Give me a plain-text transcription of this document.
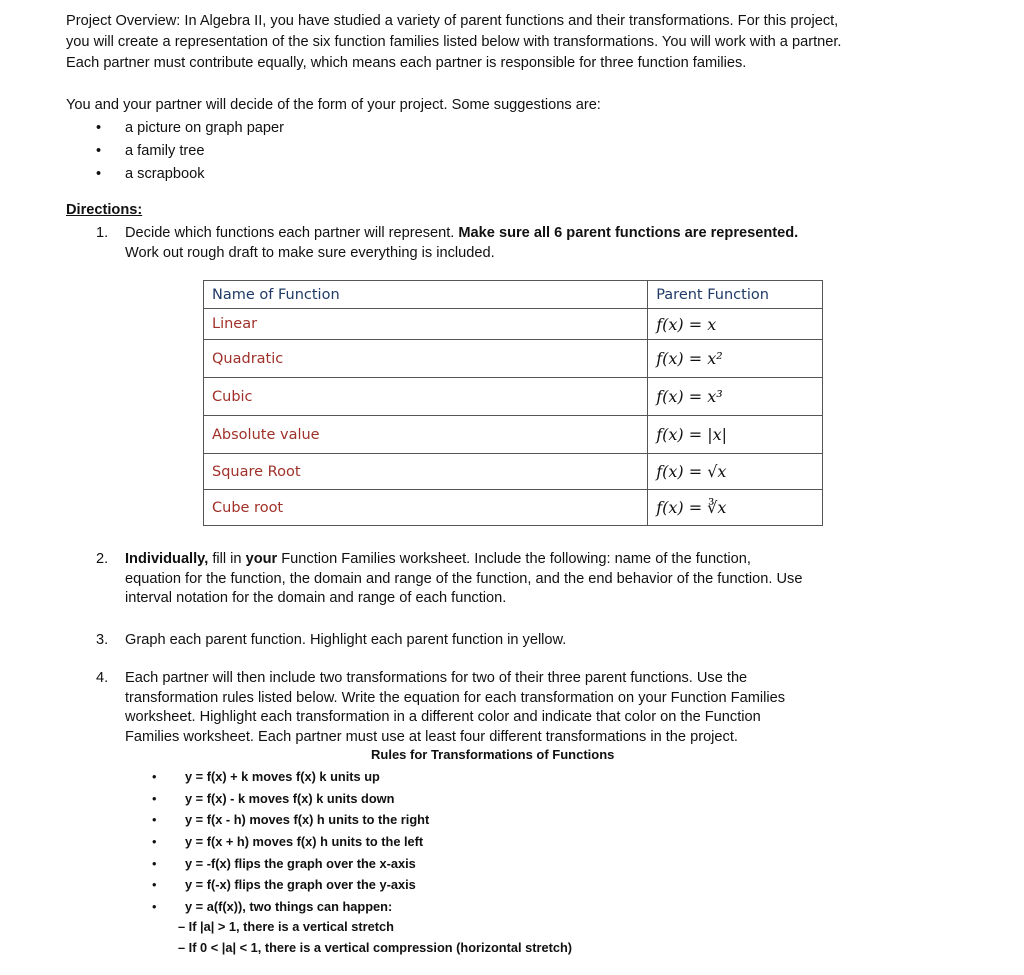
Project Overview: In Algebra II, you have studied a variety of parent functions and their transformations. For this project,
you will create a representation of the six function families listed below with transformations. You will work with a partner.
Each partner must contribute equally, which means each partner is responsible for three function families.

You and your partner will decide of the form of your project. Some suggestions are:

• a picture on graph paper
• a family tree
• a scrapbook

Directions:

1. Decide which functions each partner will represent. Make sure all 6 parent functions are represented.
Work out rough draft to make sure everything is included.
Name of Function	Parent Function
Linear	f(x) = x
Quadratic	f(x) = x²
Cubic	f(x) = x³
Absolute value	f(x) = |x|
Square Root	f(x) = √x
Cube root	f(x) = ∛x
2. Individually, fill in your Function Families worksheet. Include the following: name of the function,
equation for the function, the domain and range of the function, and the end behavior of the function. Use
interval notation for the domain and range of each function.
3. Graph each parent function. Highlight each parent function in yellow.
4. Each partner will then include two transformations for two of their three parent functions. Use the
transformation rules listed below. Write the equation for each transformation on your Function Families
worksheet. Highlight each transformation in a different color and indicate that color on the Function
Families worksheet. Each partner must use at least four different transformations in the project.

Rules for Transformations of Functions

• y = f(x) + k moves f(x) k units up
• y = f(x) - k moves f(x) k units down
• y = f(x - h) moves f(x) h units to the right
• y = f(x + h) moves f(x) h units to the left
• y = -f(x) flips the graph over the x-axis
• y = f(-x) flips the graph over the y-axis
• y = a(f(x)), two things can happen:

– If |a| > 1, there is a vertical stretch

– If 0 < |a| < 1, there is a vertical compression (horizontal stretch)
